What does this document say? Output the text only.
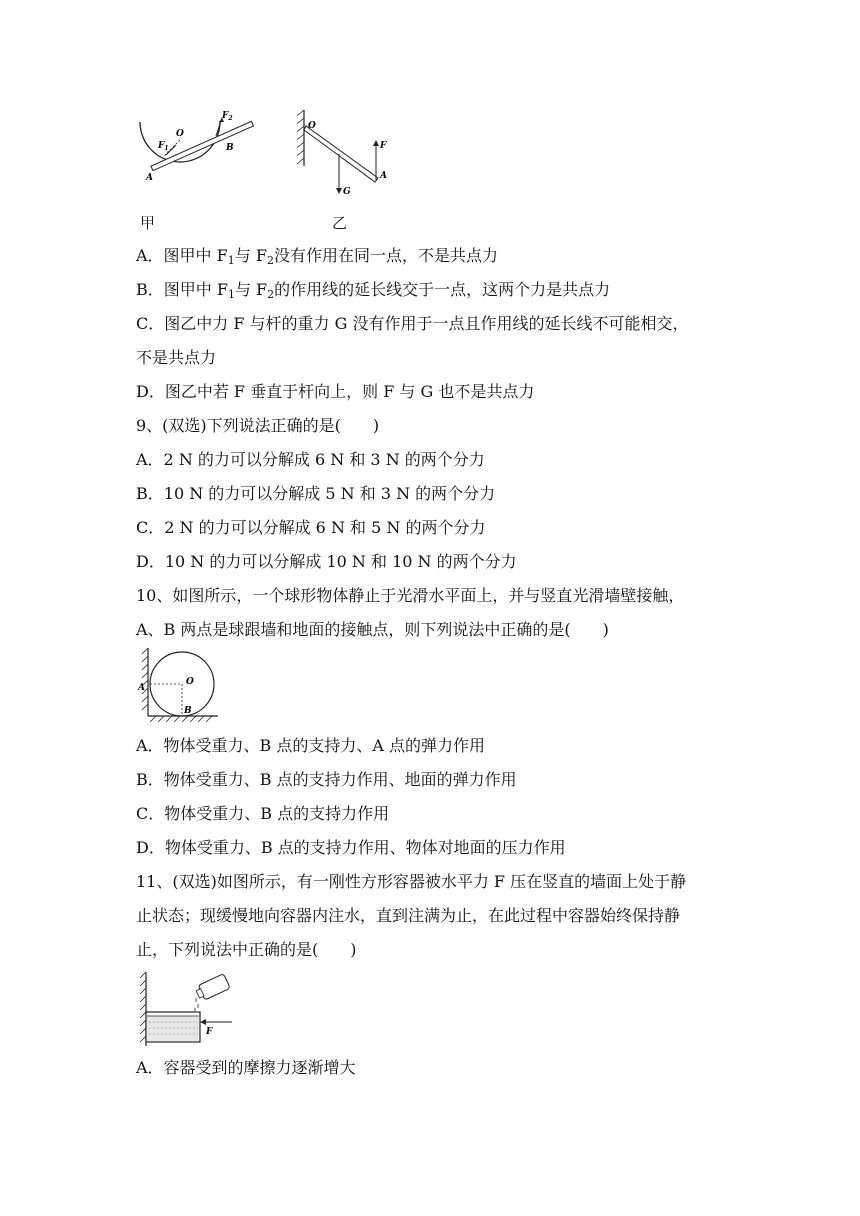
O
$F_1$
$F_2$
A
B
O
F
G
A
甲	乙
A．图甲中 $F_1$与 $F_2$没有作用在同一点，不是共点力
B．图甲中 $F_1$与 $F_2$的作用线的延长线交于一点，这两个力是共点力
C．图乙中力 F 与杆的重力 G 没有作用于一点且作用线的延长线不可能相交，
不是共点力
D．图乙中若 F 垂直于杆向上，则 F 与 G 也不是共点力
9、(双选)下列说法正确的是(　　)
A．2 N 的力可以分解成 6 N 和 3 N 的两个分力
B．10 N 的力可以分解成 5 N 和 3 N 的两个分力
C．2 N 的力可以分解成 6 N 和 5 N 的两个分力
D．10 N 的力可以分解成 10 N 和 10 N 的两个分力
10、如图所示，一个球形物体静止于光滑水平面上，并与竖直光滑墙壁接触，
A、B 两点是球跟墙和地面的接触点，则下列说法中正确的是(　　)
A
O
B
A．物体受重力、B 点的支持力、A 点的弹力作用
B．物体受重力、B 点的支持力作用、地面的弹力作用
C．物体受重力、B 点的支持力作用
D．物体受重力、B 点的支持力作用、物体对地面的压力作用
11、(双选)如图所示，有一刚性方形容器被水平力 F 压在竖直的墙面上处于静
止状态；现缓慢地向容器内注水，直到注满为止，在此过程中容器始终保持静
止，下列说法中正确的是(　　)
F
A．容器受到的摩擦力逐渐增大
